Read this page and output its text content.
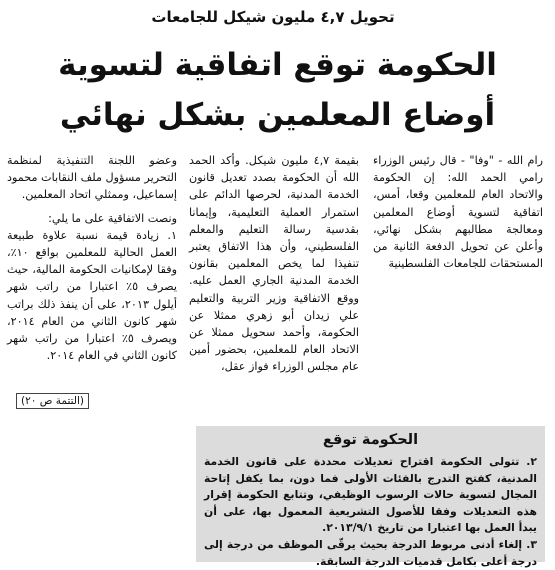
تحويل ٤,٧ مليون شيكل للجامعات
الحكومة توقع اتفاقية لتسوية
أوضاع المعلمين بشكل نهائي

رام الله - "وفا" - قال رئيس الوزراء رامي الحمد الله: إن الحكومة والاتحاد العام للمعلمين وقعا، أمس، اتفاقية لتسوية أوضاع المعلمين ومعالجة مطالبهم بشكل نهائي، وأعلن عن تحويل الدفعة الثانية من المستحقات للجامعات الفلسطينية

بقيمة ٤,٧ مليون شيكل. وأكد الحمد الله أن الحكومة بصدد تعديل قانون الخدمة المدنية، لحرصها الدائم على استمرار العملية التعليمية، وإيمانا بقدسية رسالة التعليم والمعلم الفلسطيني، وأن هذا الاتفاق يعتبر تنفيذا لما يخص المعلمين بقانون الخدمة المدنية الجاري العمل عليه. ووقع الاتفاقية وزير التربية والتعليم علي زيدان أبو زهري ممثلا عن الحكومة، وأحمد سحويل ممثلا عن الاتحاد العام للمعلمين، بحضور أمين عام مجلس الوزراء فواز عقل،

وعضو اللجنة التنفيذية لمنظمة التحرير مسؤول ملف النقابات محمود إسماعيل، وممثلي اتحاد المعلمين.

ونصت الاتفاقية على ما يلي:

١. زيادة قيمة نسبة علاوة طبيعة العمل الحالية للمعلمين بواقع ١٠٪، وفقا لإمكانيات الحكومة المالية، حيث يصرف ٥٪ اعتبارا من راتب شهر أيلول ٢٠١٣، على أن ينفذ ذلك براتب شهر كانون الثاني من العام ٢٠١٤، ويصرف ٥٪ اعتبارا من راتب شهر كانون الثاني في العام ٢٠١٤.

(التتمة ص ٢٠)
الحكومة توقع

٢. تتولى الحكومة اقتراح تعديلات محددة على قانون الخدمة المدنية، كفتح التدرج بالفئات الأولى فما دون، بما يكفل إتاحة المجال لتسوية حالات الرسوب الوظيفي، وتتابع الحكومة إقرار هذه التعديلات وفقا للأصول التشريعية المعمول بها، على أن يبدأ العمل بها اعتبارا من تاريخ ٢٠١٣/٩/١.

٣. إلغاء أدنى مربوط الدرجة بحيث يرقّى الموظف من درجة إلى درجة أعلى بكامل قدميات الدرجة السابقة.
